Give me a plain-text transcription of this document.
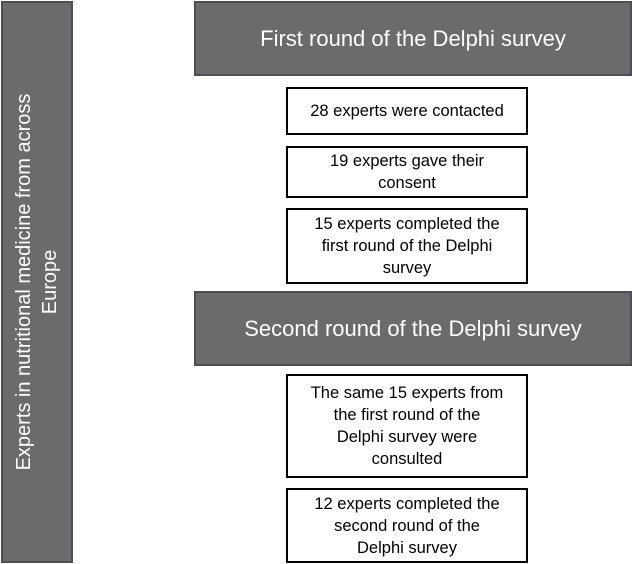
Experts in nutritional medicine from across
Europe
First round of the Delphi survey
28 experts were contacted
19 experts gave their
consent
15 experts completed the
first round of the Delphi
survey
Second round of the Delphi survey
The same 15 experts from
the first round of the
Delphi survey were
consulted
12 experts completed the
second round of the
Delphi survey
